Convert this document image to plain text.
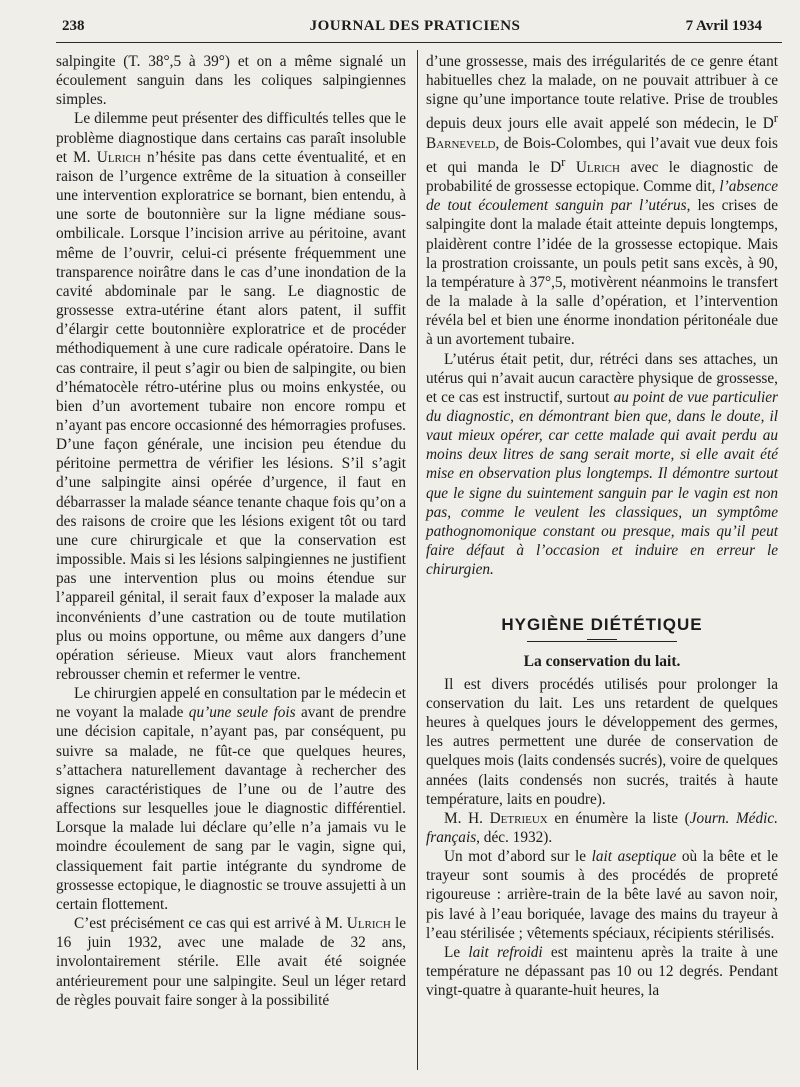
238	JOURNAL DES PRATICIENS	7 Avril 1934

salpingite (T. 38°,5 à 39°) et on a même signalé un écoulement sanguin dans les coliques salpingiennes simples.

Le dilemme peut présenter des difficultés telles que le problème diagnostique dans certains cas paraît insoluble et M. Ulrich n’hésite pas dans cette éventualité, et en raison de l’urgence extrême de la situation à conseiller une intervention exploratrice se bornant, bien entendu, à une sorte de boutonnière sur la ligne médiane sous-ombilicale. Lorsque l’incision arrive au péritoine, avant même de l’ouvrir, celui-ci présente fréquemment une transparence noirâtre dans le cas d’une inondation de la cavité abdominale par le sang. Le diagnostic de grossesse extra-utérine étant alors patent, il suffit d’élargir cette boutonnière exploratrice et de procéder méthodiquement à une cure radicale opératoire. Dans le cas contraire, il peut s’agir ou bien de salpingite, ou bien d’hématocèle rétro-utérine plus ou moins enkystée, ou bien d’un avortement tubaire non encore rompu et n’ayant pas encore occasionné des hémorragies profuses. D’une façon générale, une incision peu étendue du péritoine permettra de vérifier les lésions. S’il s’agit d’une salpingite ainsi opérée d’urgence, il faut en débarrasser la malade séance tenante chaque fois qu’on a des raisons de croire que les lésions exigent tôt ou tard une cure chirurgicale et que la conservation est impossible. Mais si les lésions salpingiennes ne justifient pas une intervention plus ou moins étendue sur l’appareil génital, il serait faux d’exposer la malade aux inconvénients d’une castration ou de toute mutilation plus ou moins opportune, ou même aux dangers d’une opération sérieuse. Mieux vaut alors franchement rebrousser chemin et refermer le ventre.

Le chirurgien appelé en consultation par le médecin et ne voyant la malade qu’une seule fois avant de prendre une décision capitale, n’ayant pas, par conséquent, pu suivre sa malade, ne fût-ce que quelques heures, s’attachera naturellement davantage à rechercher des signes caractéristiques de l’une ou de l’autre des affections sur lesquelles joue le diagnostic différentiel. Lorsque la malade lui déclare qu’elle n’a jamais vu le moindre écoulement de sang par le vagin, signe qui, classiquement fait partie intégrante du syndrome de grossesse ectopique, le diagnostic se trouve assujetti à un certain flottement.

C’est précisément ce cas qui est arrivé à M. Ulrich le 16 juin 1932, avec une malade de 32 ans, involontairement stérile. Elle avait été soignée antérieurement pour une salpingite. Seul un léger retard de règles pouvait faire songer à la possibilité

d’une grossesse, mais des irrégularités de ce genre étant habituelles chez la malade, on ne pouvait attribuer à ce signe qu’une importance toute relative. Prise de troubles depuis deux jours elle avait appelé son médecin, le $D^r$ Barneveld, de Bois-Colombes, qui l’avait vue deux fois et qui manda le $D^r$ Ulrich avec le diagnostic de probabilité de grossesse ectopique. Comme dit, l’absence de tout écoulement sanguin par l’utérus, les crises de salpingite dont la malade était atteinte depuis longtemps, plaidèrent contre l’idée de la grossesse ectopique. Mais la prostration croissante, un pouls petit sans excès, à 90, la température à 37°,5, motivèrent néanmoins le transfert de la malade à la salle d’opération, et l’intervention révéla bel et bien une énorme inondation péritonéale due à un avortement tubaire.

L’utérus était petit, dur, rétréci dans ses attaches, un utérus qui n’avait aucun caractère physique de grossesse, et ce cas est instructif, surtout au point de vue particulier du diagnostic, en démontrant bien que, dans le doute, il vaut mieux opérer, car cette malade qui avait perdu au moins deux litres de sang serait morte, si elle avait été mise en observation plus longtemps. Il démontre surtout que le signe du suintement sanguin par le vagin est non pas, comme le veulent les classiques, un symptôme pathognomonique constant ou presque, mais qu’il peut faire défaut à l’occasion et induire en erreur le chirurgien.

HYGIÈNE DIÉTÉTIQUE
La conservation du lait.

Il est divers procédés utilisés pour prolonger la conservation du lait. Les uns retardent de quelques heures à quelques jours le développement des germes, les autres permettent une durée de conservation de quelques mois (laits condensés sucrés), voire de quelques années (laits condensés non sucrés, traités à haute température, laits en poudre).

M. H. Detrieux en énumère la liste (Journ. Médic. français, déc. 1932).

Un mot d’abord sur le lait aseptique où la bête et le trayeur sont soumis à des procédés de propreté rigoureuse : arrière-train de la bête lavé au savon noir, pis lavé à l’eau boriquée, lavage des mains du trayeur à l’eau stérilisée ; vêtements spéciaux, récipients stérilisés.

Le lait refroidi est maintenu après la traite à une température ne dépassant pas 10 ou 12 degrés. Pendant vingt-quatre à quarante-huit heures, la
